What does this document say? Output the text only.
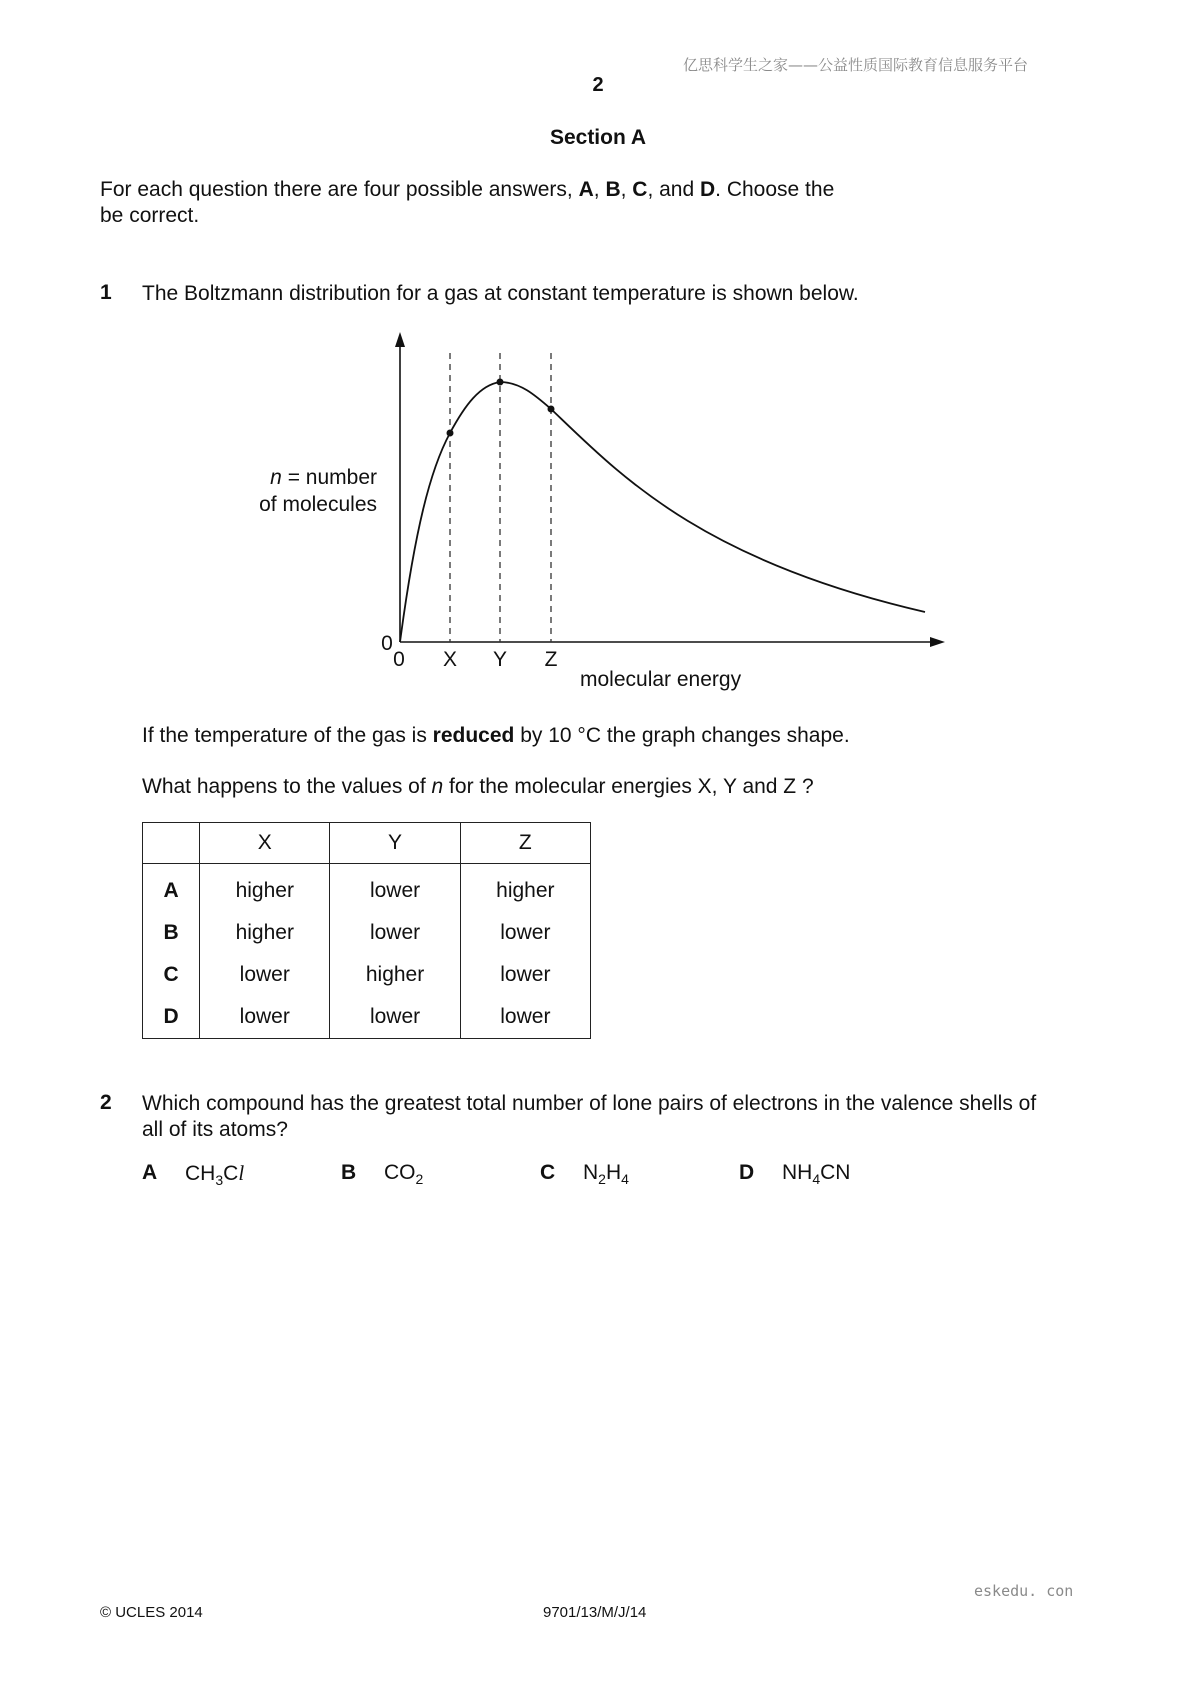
亿思科学生之家——公益性质国际教育信息服务平台
2
Section A
For each question there are four possible answers, A, B, C, and D. Choose the
be correct.
1 The Boltzmann distribution for a gas at constant temperature is shown below.
n = number
of molecules
0
0 X Y Z
molecular energy
If the temperature of the gas is reduced by 10 °C the graph changes shape.
What happens to the values of n for the molecular energies X, Y and Z ?
	X	Y	Z
A	higher	lower	higher
B	higher	lower	lower
C	lower	higher	lower
D	lower	lower	lower
2 Which compound has the greatest total number of lone pairs of electrons in the valence shells of
all of its atoms?
A $CH_3Cl$	B $CO_2$	C $N_2H_4$	D $NH_4CN$
eskedu. con
© UCLES 2014	9701/13/M/J/14
